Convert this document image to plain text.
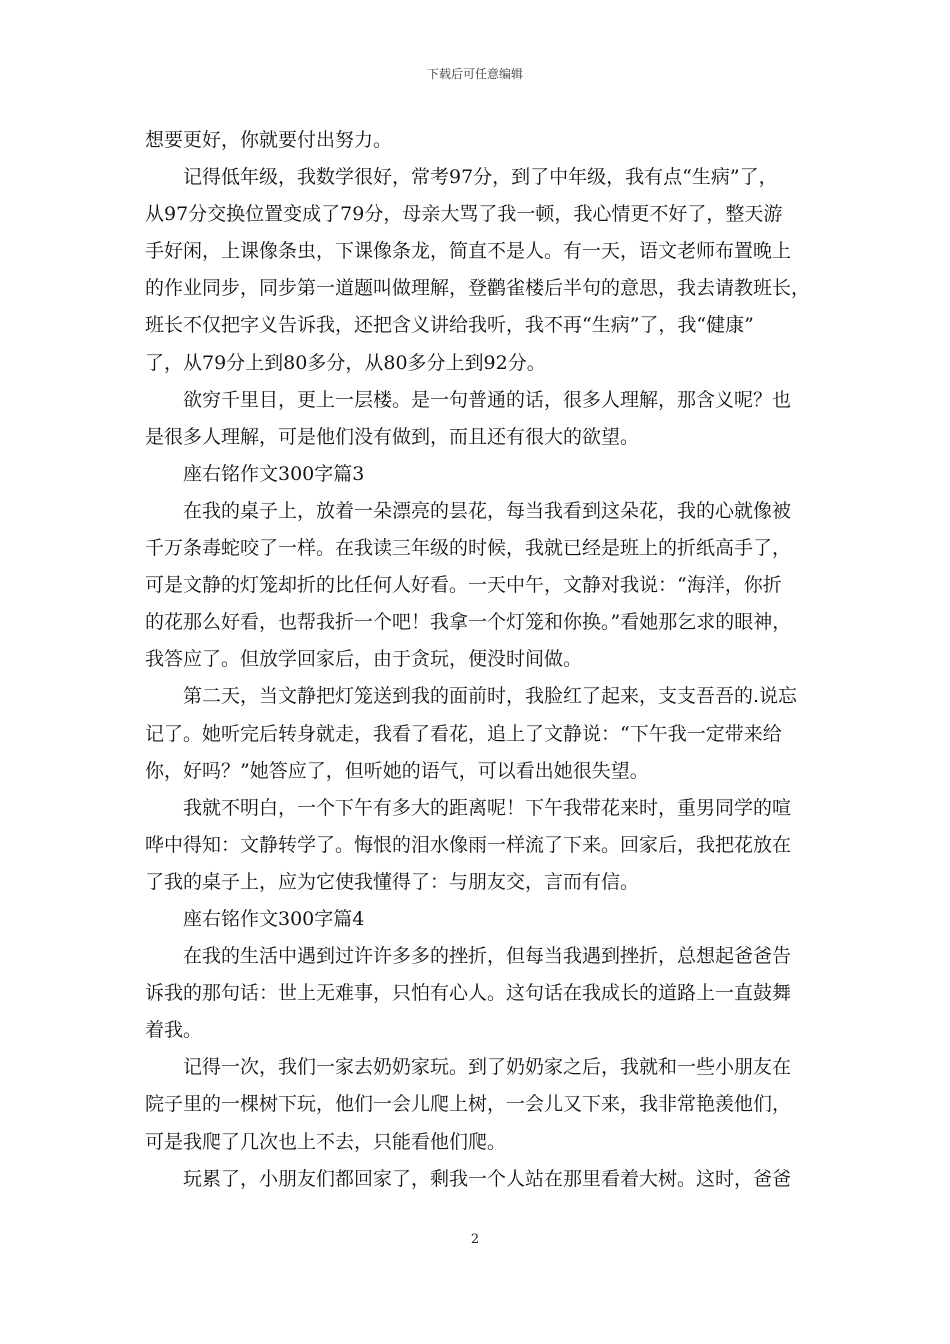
下载后可任意编辑
想要更好，你就要付出努力。
记得低年级，我数学很好，常考97分，到了中年级，我有点“生病”了，
从97分交换位置变成了79分，母亲大骂了我一顿，我心情更不好了，整天游
手好闲，上课像条虫，下课像条龙，简直不是人。有一天，语文老师布置晚上
的作业同步，同步第一道题叫做理解，登鹳雀楼后半句的意思，我去请教班长，
班长不仅把字义告诉我，还把含义讲给我听，我不再“生病”了，我“健康”
了，从79分上到80多分，从80多分上到92分。
欲穷千里目，更上一层楼。是一句普通的话，很多人理解，那含义呢？也
是很多人理解，可是他们没有做到，而且还有很大的欲望。
座右铭作文300字篇3
在我的桌子上，放着一朵漂亮的昙花，每当我看到这朵花，我的心就像被
千万条毒蛇咬了一样。在我读三年级的时候，我就已经是班上的折纸高手了，
可是文静的灯笼却折的比任何人好看。一天中午，文静对我说：“海洋，你折
的花那么好看，也帮我折一个吧！我拿一个灯笼和你换。”看她那乞求的眼神，
我答应了。但放学回家后，由于贪玩，便没时间做。
第二天，当文静把灯笼送到我的面前时，我脸红了起来，支支吾吾的.说忘
记了。她听完后转身就走，我看了看花，追上了文静说：“下午我一定带来给
你，好吗？”她答应了，但听她的语气，可以看出她很失望。
我就不明白，一个下午有多大的距离呢！下午我带花来时，重男同学的喧
哗中得知：文静转学了。悔恨的泪水像雨一样流了下来。回家后，我把花放在
了我的桌子上，应为它使我懂得了：与朋友交，言而有信。
座右铭作文300字篇4
在我的生活中遇到过许许多多的挫折，但每当我遇到挫折，总想起爸爸告
诉我的那句话：世上无难事，只怕有心人。这句话在我成长的道路上一直鼓舞
着我。
记得一次，我们一家去奶奶家玩。到了奶奶家之后，我就和一些小朋友在
院子里的一棵树下玩，他们一会儿爬上树，一会儿又下来，我非常艳羡他们，
可是我爬了几次也上不去，只能看他们爬。
玩累了，小朋友们都回家了，剩我一个人站在那里看着大树。这时，爸爸
2
